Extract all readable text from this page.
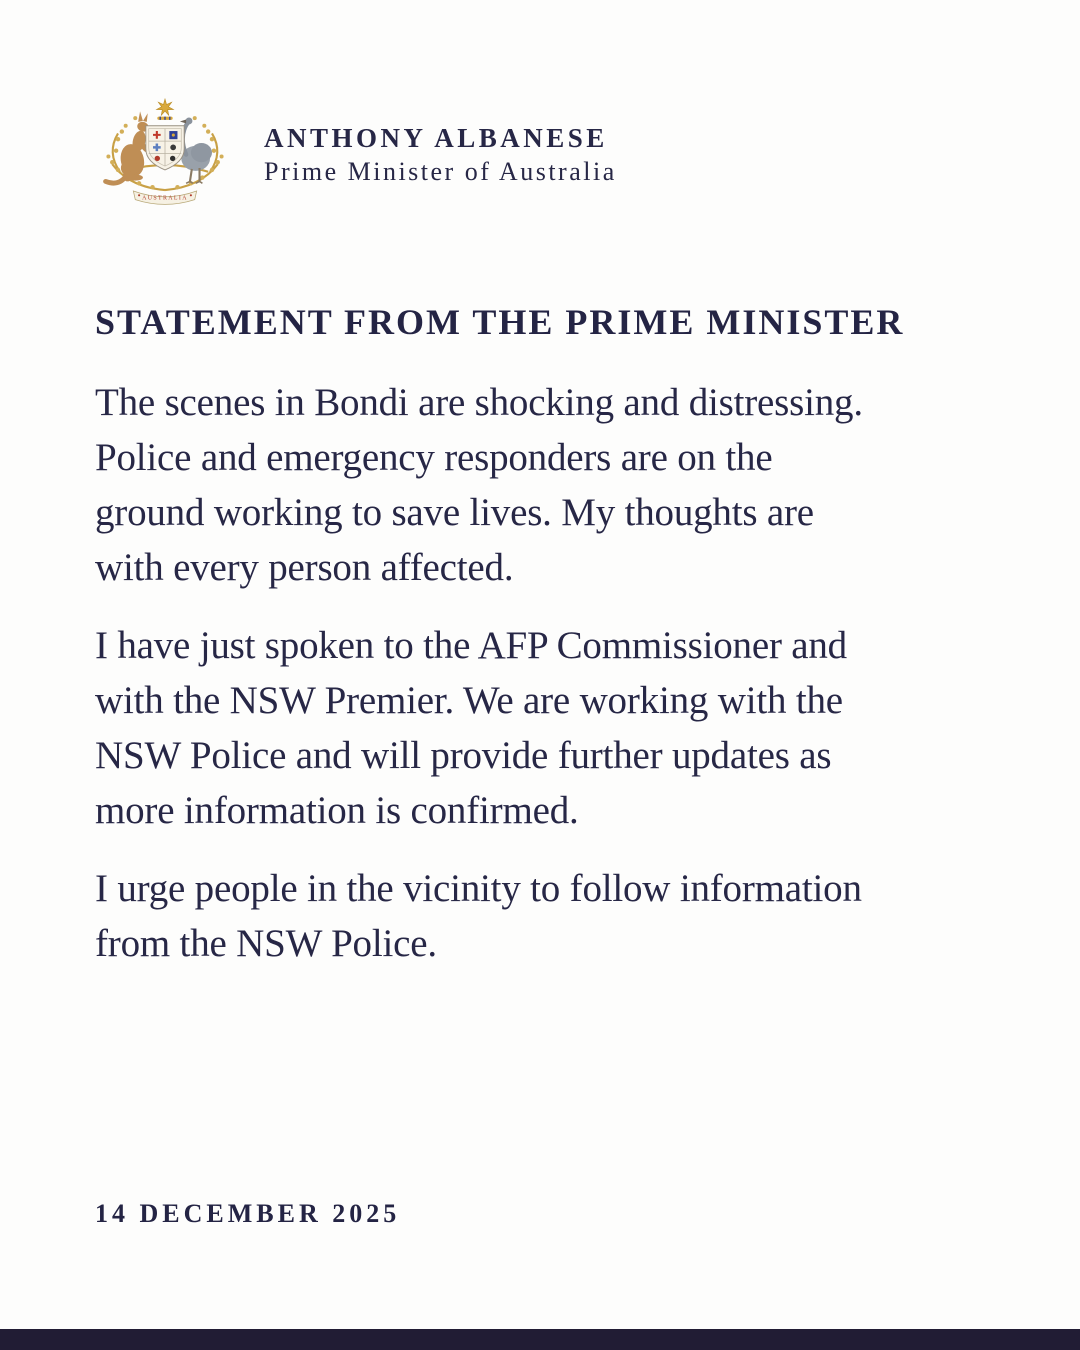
AUSTRALIA
ANTHONY ALBANESE
Prime Minister of Australia
STATEMENT FROM THE PRIME MINISTER

The scenes in Bondi are shocking and distressing.
Police and emergency responders are on the
ground working to save lives. My thoughts are
with every person affected.

I have just spoken to the AFP Commissioner and
with the NSW Premier. We are working with the
NSW Police and will provide further updates as
more information is confirmed.

I urge people in the vicinity to follow information
from the NSW Police.

14 DECEMBER 2025
